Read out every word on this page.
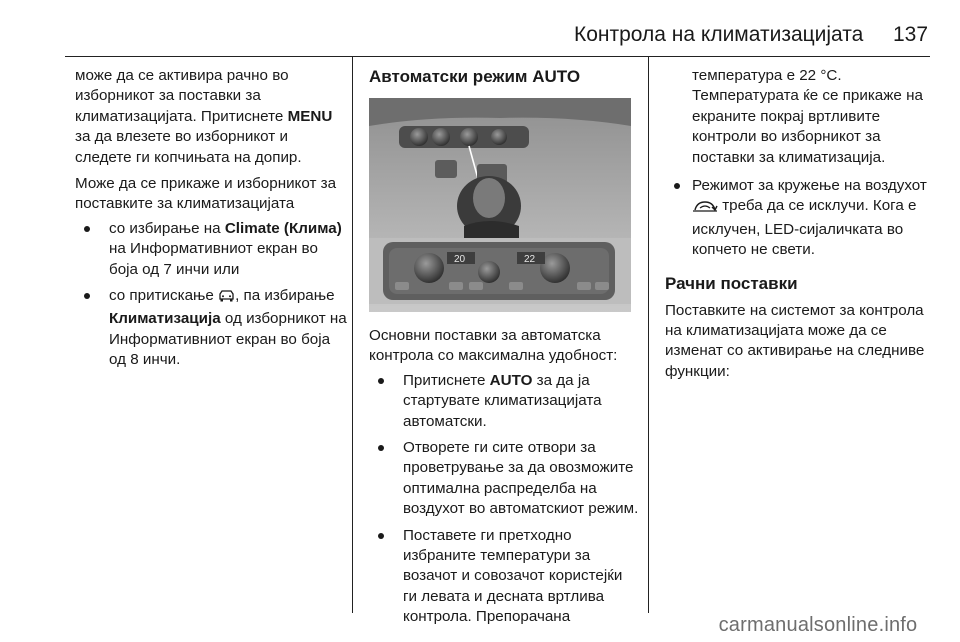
Контрола на климатизацијата 137

може да се активира рачно во изборникот за поставки за климатизацијата. Притиснете MENU за да влезете во изборникот и следете ги копчињата на допир.

Може да се прикаже и изборникот за поставките за климатизацијата

со избирање на Climate (Клима) на Информативниот екран во боја од 7 инчи или
со притискање , па избирање Климатизација од изборникот на Информативниот екран во боја од 8 инчи.
Автоматски режим AUTO
20	22

Основни поставки за автоматска контрола со максимална удобност:

Притиснете AUTO за да ја стартувате климатизацијата автоматски.
Отворете ги сите отвори за проветрување за да овозможите оптимална распределба на воздухот во автоматскиот режим.
Поставете ги претходно избраните температури за возачот и совозачот користејќи ги левата и десната вртлива контрола. Препорачана

температура е 22 °C. Температурата ќе се прикаже на екраните покрај вртливите контроли во изборникот за поставки за климатизација.

Режимот за кружење на воздухот  треба да се исклучи. Кога е исклучен, LED-сијаличката во копчето не свети.
Рачни поставки

Поставките на системот за контрола на климатизацијата може да се изменат со активирање на следниве функции:

carmanualsonline.info
